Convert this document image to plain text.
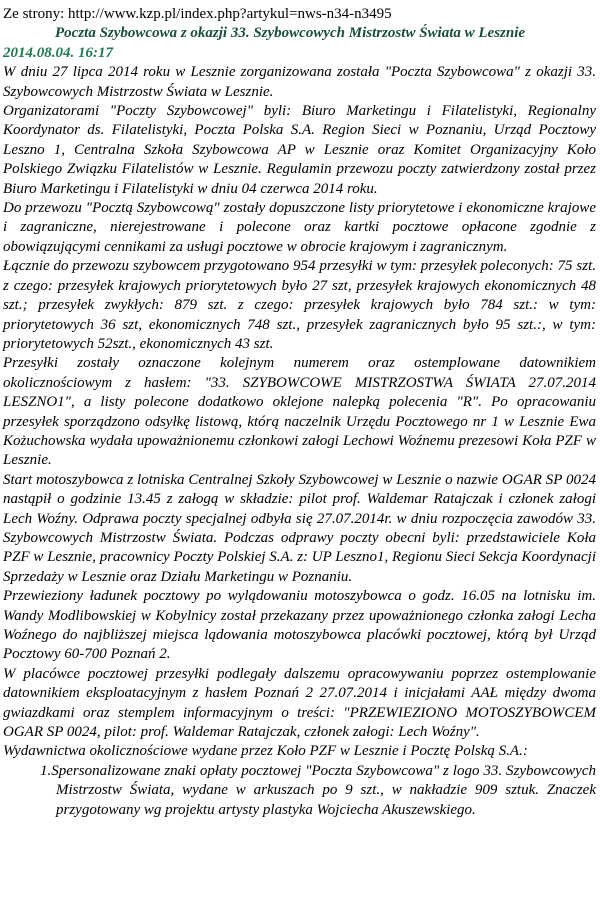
Ze strony: http://www.kzp.pl/index.php?artykul=nws-n34-n3495
Poczta Szybowcowa z okazji 33. Szybowcowych Mistrzostw Świata w Lesznie
2014.08.04. 16:17

W dniu 27 lipca 2014 roku w Lesznie zorganizowana została "Poczta Szybowcowa" z okazji 33. Szybowcowych Mistrzostw Świata w Lesznie.

Organizatorami "Poczty Szybowcowej" byli: Biuro Marketingu i Filatelistyki, Regionalny Koordynator ds. Filatelistyki, Poczta Polska S.A. Region Sieci w Poznaniu, Urząd Pocztowy Leszno 1, Centralna Szkoła Szybowcowa AP w Lesznie oraz Komitet Organizacyjny Koło Polskiego Związku Filatelistów w Lesznie. Regulamin przewozu poczty zatwierdzony został przez Biuro Marketingu i Filatelistyki w dniu 04 czerwca 2014 roku.

Do przewozu "Pocztą Szybowcową" zostały dopuszczone listy priorytetowe i ekonomiczne krajowe i zagraniczne, nierejestrowane i polecone oraz kartki pocztowe opłacone zgodnie z obowiązującymi cennikami za usługi pocztowe w obrocie krajowym i zagranicznym.

Łącznie do przewozu szybowcem przygotowano 954 przesyłki w tym: przesyłek poleconych: 75 szt. z czego: przesyłek krajowych priorytetowych było 27 szt, przesyłek krajowych ekonomicznych 48 szt.; przesyłek zwykłych: 879 szt. z czego: przesyłek krajowych było 784 szt.: w tym: priorytetowych 36 szt, ekonomicznych 748 szt., przesyłek zagranicznych było 95 szt.:, w tym: priorytetowych 52szt., ekonomicznych 43 szt.

Przesyłki zostały oznaczone kolejnym numerem oraz ostemplowane datownikiem okolicznościowym z hasłem: "33. SZYBOWCOWE MISTRZOSTWA ŚWIATA 27.07.2014 LESZNO1", a listy polecone dodatkowo oklejone nalepką polecenia "R". Po opracowaniu przesyłek sporządzono odsyłkę listową, którą naczelnik Urzędu Pocztowego nr 1 w Lesznie Ewa Kożuchowska wydała upoważnionemu członkowi załogi Lechowi Woźnemu prezesowi Koła PZF w Lesznie.

Start motoszybowca z lotniska Centralnej Szkoły Szybowcowej w Lesznie o nazwie OGAR SP 0024 nastąpił o godzinie 13.45 z załogą w składzie: pilot prof. Waldemar Ratajczak i członek załogi Lech Woźny. Odprawa poczty specjalnej odbyła się 27.07.2014r. w dniu rozpoczęcia zawodów 33. Szybowcowych Mistrzostw Świata. Podczas odprawy poczty obecni byli: przedstawiciele Koła PZF w Lesznie, pracownicy Poczty Polskiej S.A. z: UP Leszno1, Regionu Sieci Sekcja Koordynacji Sprzedaży w Lesznie oraz Działu Marketingu w Poznaniu.

Przewieziony ładunek pocztowy po wylądowaniu motoszybowca o godz. 16.05 na lotnisku im. Wandy Modlibowskiej w Kobylnicy został przekazany przez upoważnionego członka załogi Lecha Woźnego do najbliższej miejsca lądowania motoszybowca placówki pocztowej, którą był Urząd Pocztowy 60-700 Poznań 2.

W placówce pocztowej przesyłki podlegały dalszemu opracowywaniu poprzez ostemplowanie datownikiem eksploatacyjnym z hasłem Poznań 2 27.07.2014 i inicjałami AAŁ między dwoma gwiazdkami oraz stemplem informacyjnym o treści: "PRZEWIEZIONO MOTOSZYBOWCEM OGAR SP 0024, pilot: prof. Waldemar Ratajczak, członek załogi: Lech Woźny".

Wydawnictwa okolicznościowe wydane przez Koło PZF w Lesznie i Pocztę Polską S.A.:

1.Spersonalizowane znaki opłaty pocztowej "Poczta Szybowcowa" z logo 33. Szybowcowych Mistrzostw Świata, wydane w arkuszach po 9 szt., w nakładzie 909 sztuk. Znaczek przygotowany wg projektu artysty plastyka Wojciecha Akuszewskiego.
